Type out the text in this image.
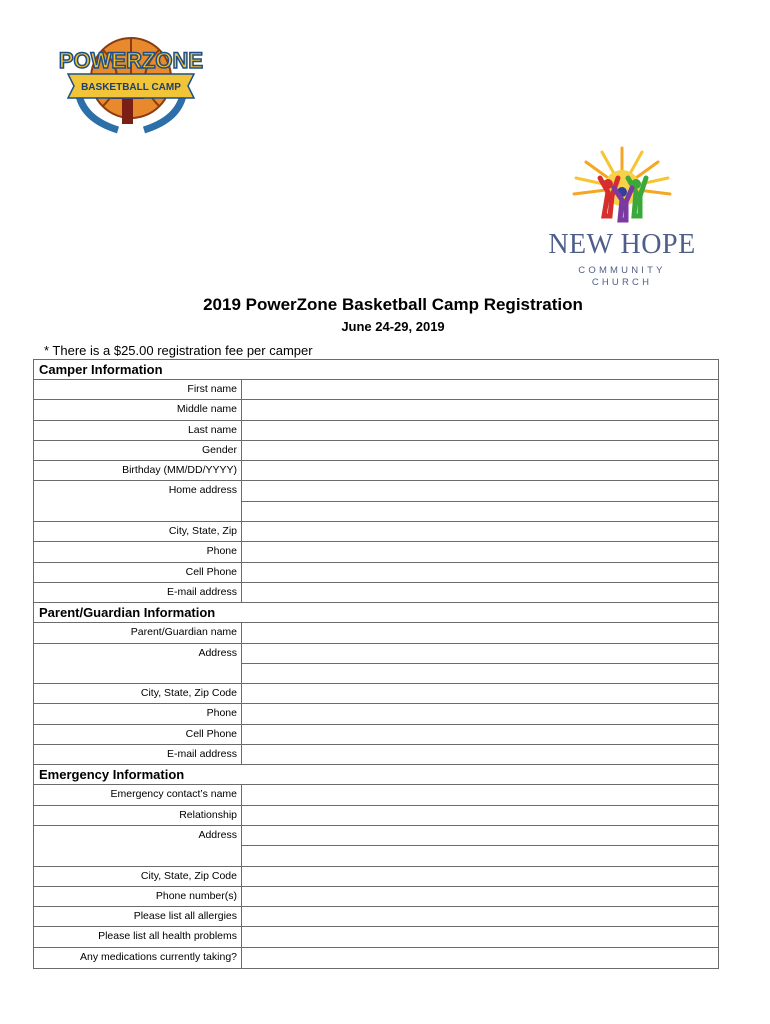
POWERZONE
BASKETBALL CAMP
NEW HOPE
COMMUNITY CHURCH
2019 PowerZone Basketball Camp Registration
June 24-29, 2019
* There is a $25.00 registration fee per camper
Camper Information
First name
Middle name
Last name
Gender
Birthday (MM/DD/YYYY)
Home address
City, State, Zip
Phone
Cell Phone
E-mail address
Parent/Guardian Information
Parent/Guardian name
Address
City, State, Zip Code
Phone
Cell Phone
E-mail address
Emergency Information
Emergency contact’s name
Relationship
Address
City, State, Zip Code
Phone number(s)
Please list all allergies
Please list all health problems
Any medications currently taking?
